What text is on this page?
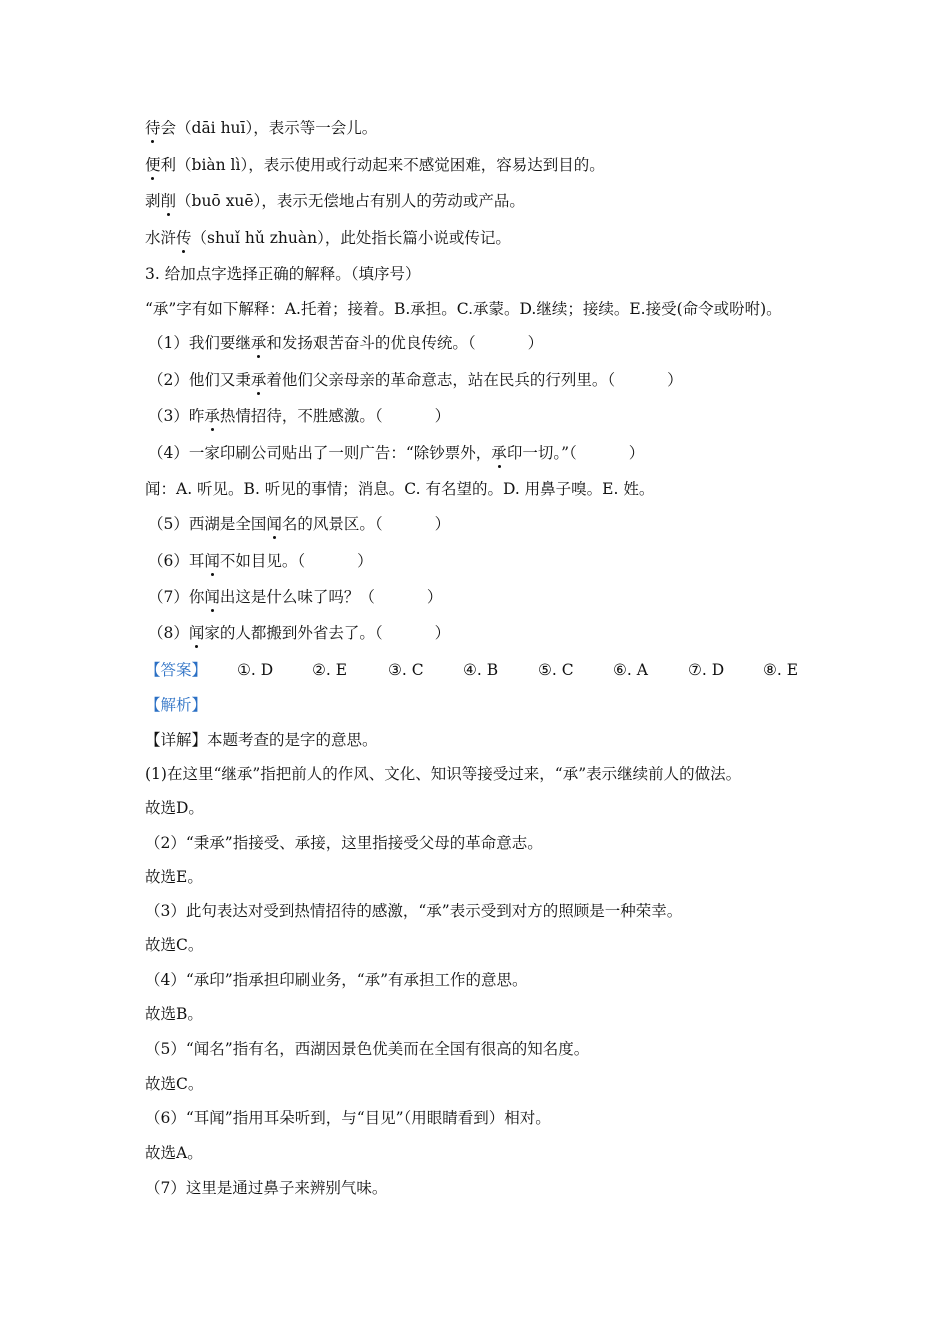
待会（dāi huī），表示等一会儿。
便利（biàn lì），表示使用或行动起来不感觉困难，容易达到目的。
剥削（buō xuē），表示无偿地占有别人的劳动或产品。
水浒传（shuǐ hǔ zhuàn），此处指长篇小说或传记。
3. 给加点字选择正确的解释。（填序号）
“承”字有如下解释：A.托着；接着。B.承担。C.承蒙。D.继续；接续。E.接受(命令或吩咐)。
（1）我们要继承和发扬艰苦奋斗的优良传统。（	）
（2）他们又秉承着他们父亲母亲的革命意志，站在民兵的行列里。（	）
（3）昨承热情招待，不胜感激。（	）
（4）一家印刷公司贴出了一则广告：“除钞票外，承印一切。”（	）
闻：A. 听见。B. 听见的事情；消息。C. 有名望的。D. 用鼻子嗅。E. 姓。
（5）西湖是全国闻名的风景区。（	）
（6）耳闻不如目见。（	）
（7）你闻出这是什么味了吗？（	）
（8）闻家的人都搬到外省去了。（	）
【答案】 ①. D	②. E	③. C	④. B	⑤. C	⑥. A	⑦. D	⑧. E
【解析】
【详解】本题考查的是字的意思。
(1)在这里“继承”指把前人的作风、文化、知识等接受过来，“承”表示继续前人的做法。
故选D。
（2）“秉承”指接受、承接，这里指接受父母的革命意志。
故选E。
（3）此句表达对受到热情招待的感激，“承”表示受到对方的照顾是一种荣幸。
故选C。
（4）“承印”指承担印刷业务，“承”有承担工作的意思。
故选B。
（5）“闻名”指有名，西湖因景色优美而在全国有很高的知名度。
故选C。
（6）“耳闻”指用耳朵听到，与“目见”（用眼睛看到）相对。
故选A。
（7）这里是通过鼻子来辨别气味。
